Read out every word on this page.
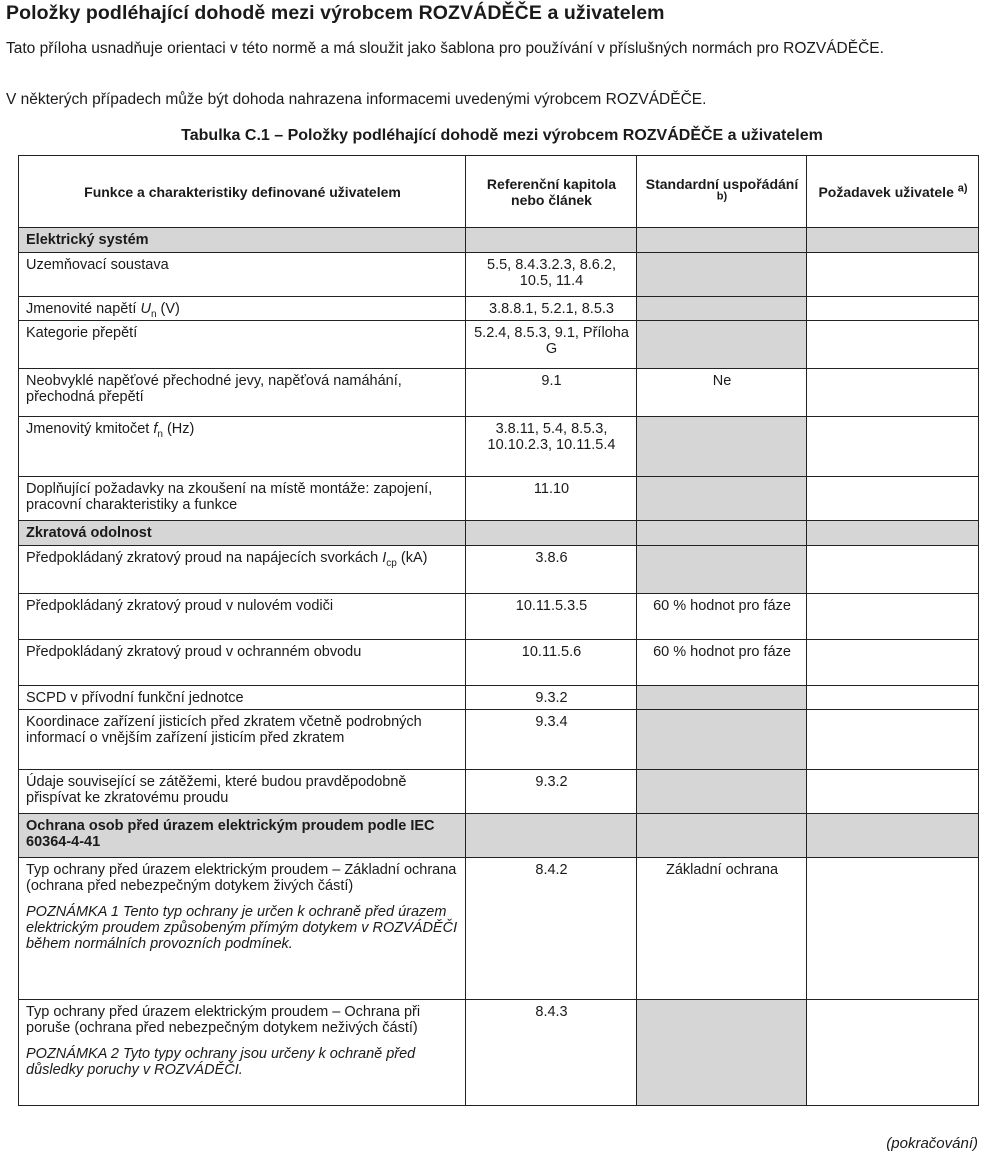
Položky podléhající dohodě mezi výrobcem ROZVÁDĚČE a uživatelem

Tato příloha usnadňuje orientaci v této normě a má sloužit jako šablona pro používání v příslušných normách pro ROZVÁDĚČE.

V některých případech může být dohoda nahrazena informacemi uvedenými výrobcem ROZVÁDĚČE.

Tabulka C.1 – Položky podléhající dohodě mezi výrobcem ROZVÁDĚČE a uživatelem

Funkce a charakteristiky definované uživatelem	Referenční kapitola nebo článek	Standardní uspořádání $^{b)}$	Požadavek uživatele $^{a)}$
Elektrický systém			
Uzemňovací soustava	5.5, 8.4.3.2.3, 8.6.2, 10.5, 11.4		
Jmenovité napětí $U_n$ (V)	3.8.8.1, 5.2.1, 8.5.3		
Kategorie přepětí	5.2.4, 8.5.3, 9.1, Příloha G		
Neobvyklé napěťové přechodné jevy, napěťová namáhání, přechodná přepětí	9.1	Ne	
Jmenovitý kmitočet $f_n$ (Hz)	3.8.11, 5.4, 8.5.3, 10.10.2.3, 10.11.5.4		
Doplňující požadavky na zkoušení na místě montáže: zapojení, pracovní charakteristiky a funkce	11.10		
Zkratová odolnost			
Předpokládaný zkratový proud na napájecích svorkách $I_{cp}$ (kA)	3.8.6		
Předpokládaný zkratový proud v nulovém vodiči	10.11.5.3.5	60 % hodnot pro fáze	
Předpokládaný zkratový proud v ochranném obvodu	10.11.5.6	60 % hodnot pro fáze	
SCPD v přívodní funkční jednotce	9.3.2		
Koordinace zařízení jisticích před zkratem včetně podrobných informací o vnějším zařízení jisticím před zkratem	9.3.4		
Údaje související se zátěžemi, které budou pravděpodobně přispívat ke zkratovému proudu	9.3.2		
Ochrana osob před úrazem elektrickým proudem podle IEC 60364-4-41			
Typ ochrany před úrazem elektrickým proudem – Základní ochrana (ochrana před nebezpečným dotykem živých částí)
POZNÁMKA 1 Tento typ ochrany je určen k ochraně před úrazem elektrickým proudem způsobeným přímým dotykem v ROZVÁDĚČI během normálních provozních podmínek.	8.4.2	Základní ochrana	
Typ ochrany před úrazem elektrickým proudem – Ochrana při poruše (ochrana před nebezpečným dotykem neživých částí)
POZNÁMKA 2 Tyto typy ochrany jsou určeny k ochraně před důsledky poruchy v ROZVÁDĚČI.	8.4.3		

(pokračování)
